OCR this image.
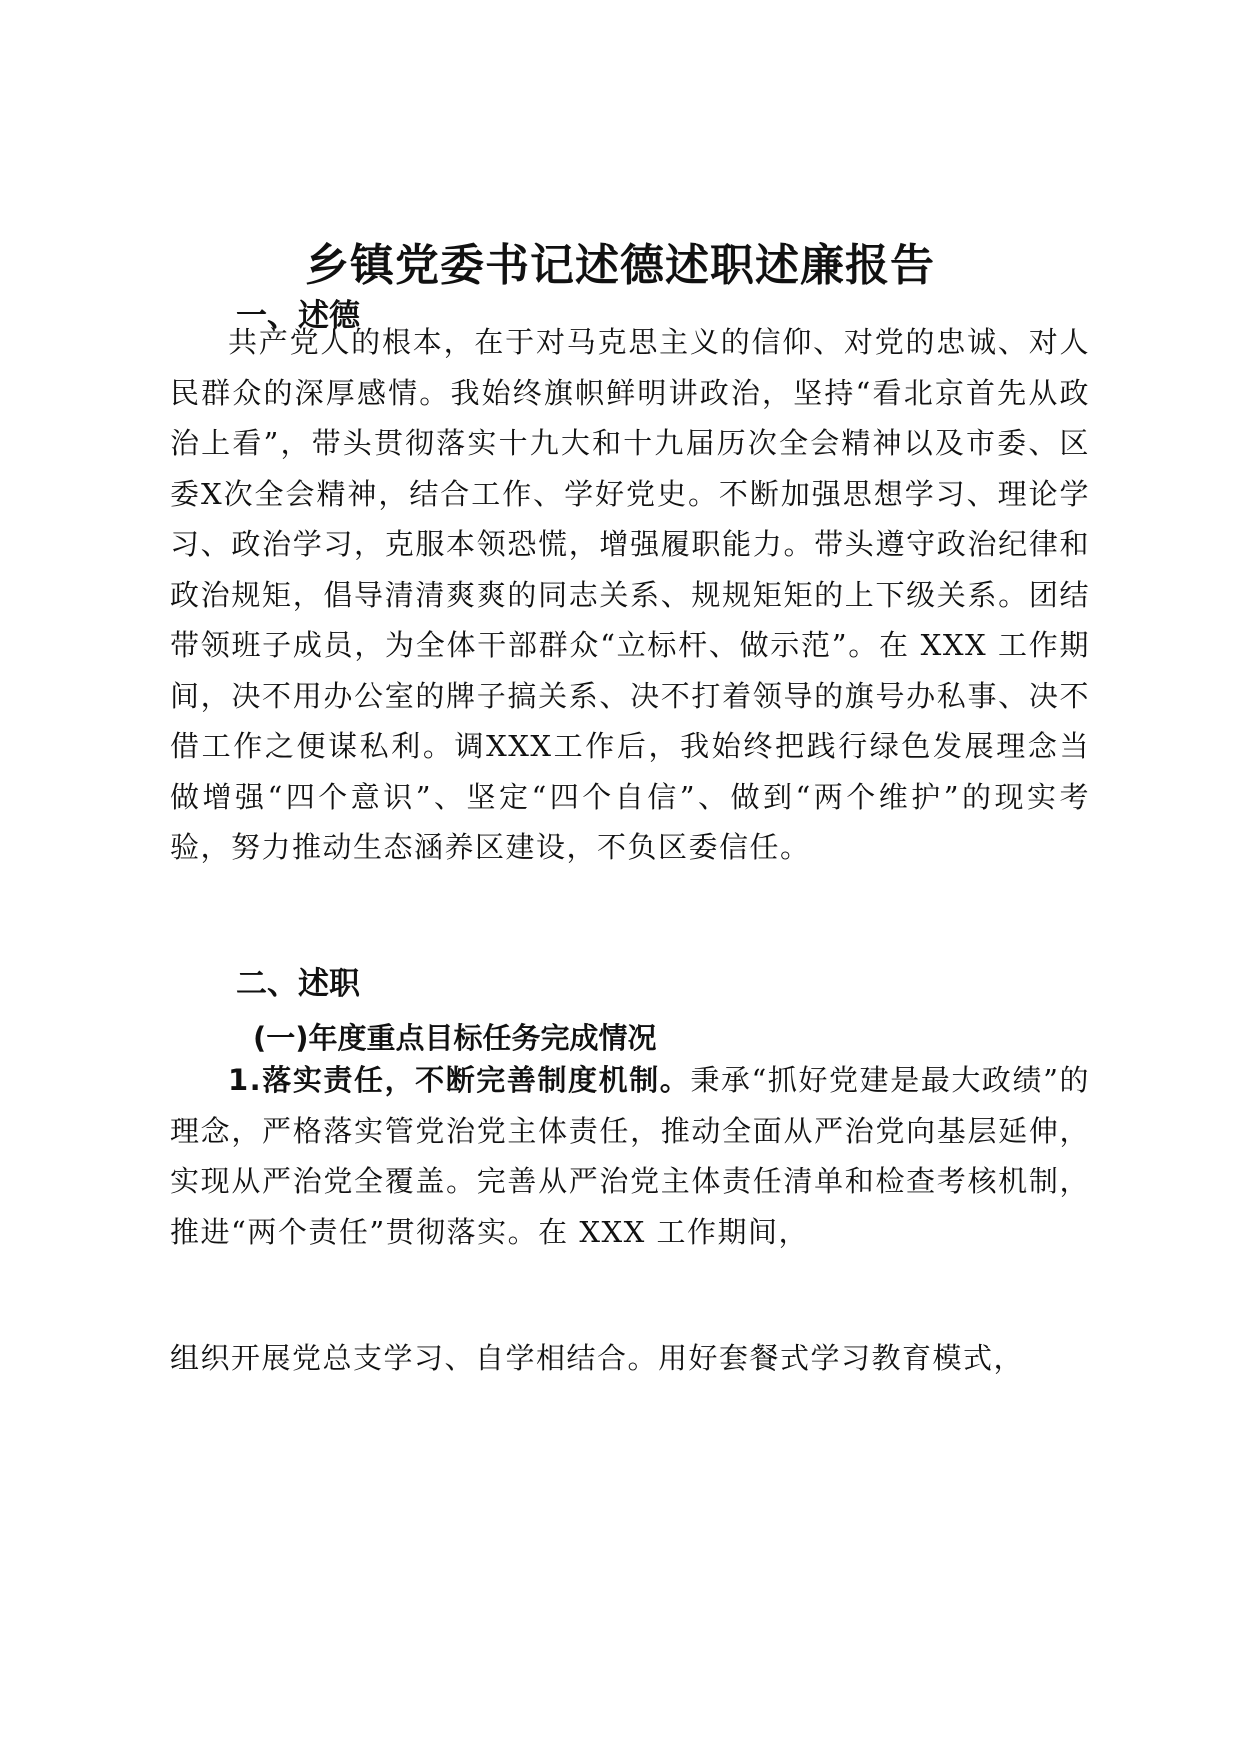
乡镇党委书记述德述职述廉报告
一、述德

共产党人的根本，在于对马克思主义的信仰、对党的忠诚、对人民群众的深厚感情。我始终旗帜鲜明讲政治，坚持“看北京首先从政治上看”，带头贯彻落实十九大和十九届历次全会精神以及市委、区委X次全会精神，结合工作、学好党史。不断加强思想学习、理论学习、政治学习，克服本领恐慌，增强履职能力。带头遵守政治纪律和政治规矩，倡导清清爽爽的同志关系、规规矩矩的上下级关系。团结带领班子成员，为全体干部群众“立标杆、做示范”。在 XXX 工作期间，决不用办公室的牌子搞关系、决不打着领导的旗号办私事、决不借工作之便谋私利。调XXX工作后，我始终把践行绿色发展理念当做增强“四个意识”、坚定“四个自信”、做到“两个维护”的现实考验，努力推动生态涵养区建设，不负区委信任。

二、述职
(一)年度重点目标任务完成情况

1.落实责任，不断完善制度机制。秉承“抓好党建是最大政绩”的理念，严格落实管党治党主体责任，推动全面从严治党向基层延伸，实现从严治党全覆盖。完善从严治党主体责任清单和检查考核机制，推进“两个责任”贯彻落实。在 XXX 工作期间，

组织开展党总支学习、自学相结合。用好套餐式学习教育模式，
